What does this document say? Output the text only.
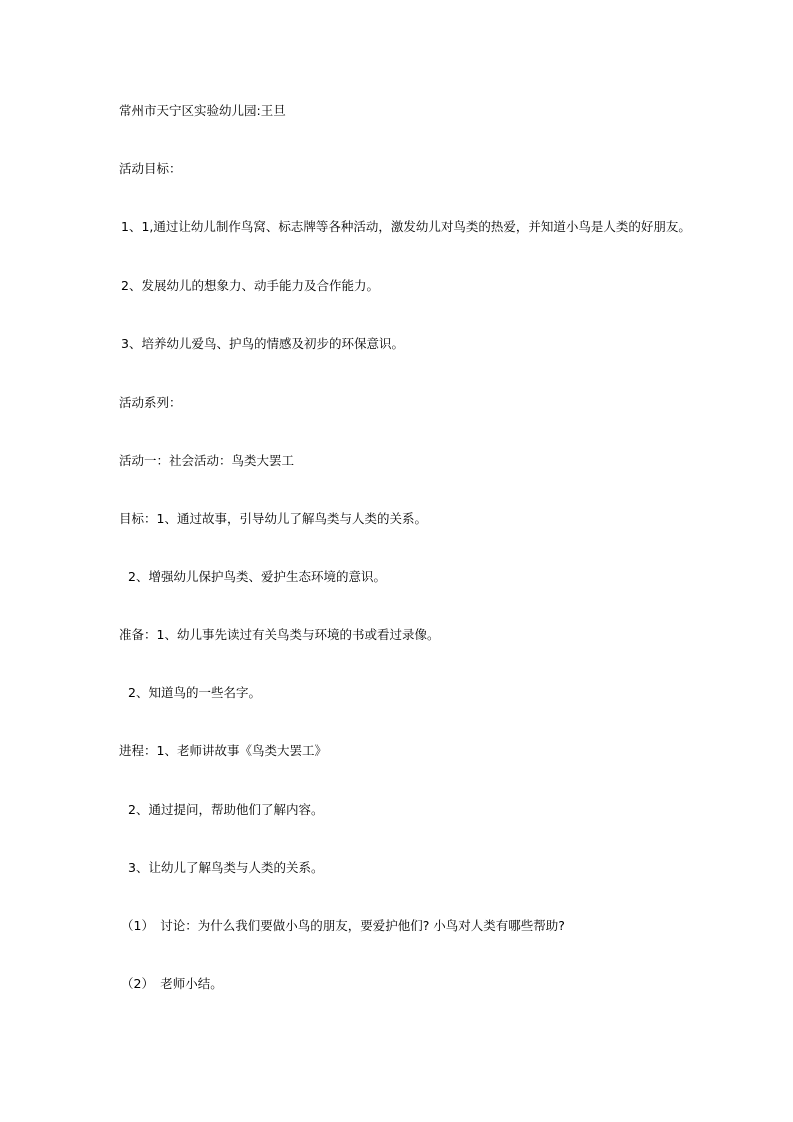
常州市天宁区实验幼儿园:王旦
活动目标：
1、1,通过让幼儿制作鸟窝、标志牌等各种活动，激发幼儿对鸟类的热爱，并知道小鸟是人类的好朋友。
2、发展幼儿的想象力、动手能力及合作能力。
3、培养幼儿爱鸟、护鸟的情感及初步的环保意识。
活动系列：
活动一：社会活动：鸟类大罢工
目标：1、通过故事，引导幼儿了解鸟类与人类的关系。
2、增强幼儿保护鸟类、爱护生态环境的意识。
准备：1、幼儿事先读过有关鸟类与环境的书或看过录像。
2、知道鸟的一些名字。
进程：1、老师讲故事《鸟类大罢工》
2、通过提问，帮助他们了解内容。
3、让幼儿了解鸟类与人类的关系。
（1）　讨论：为什么我们要做小鸟的朋友，要爱护他们? 小鸟对人类有哪些帮助?
（2）　老师小结。
